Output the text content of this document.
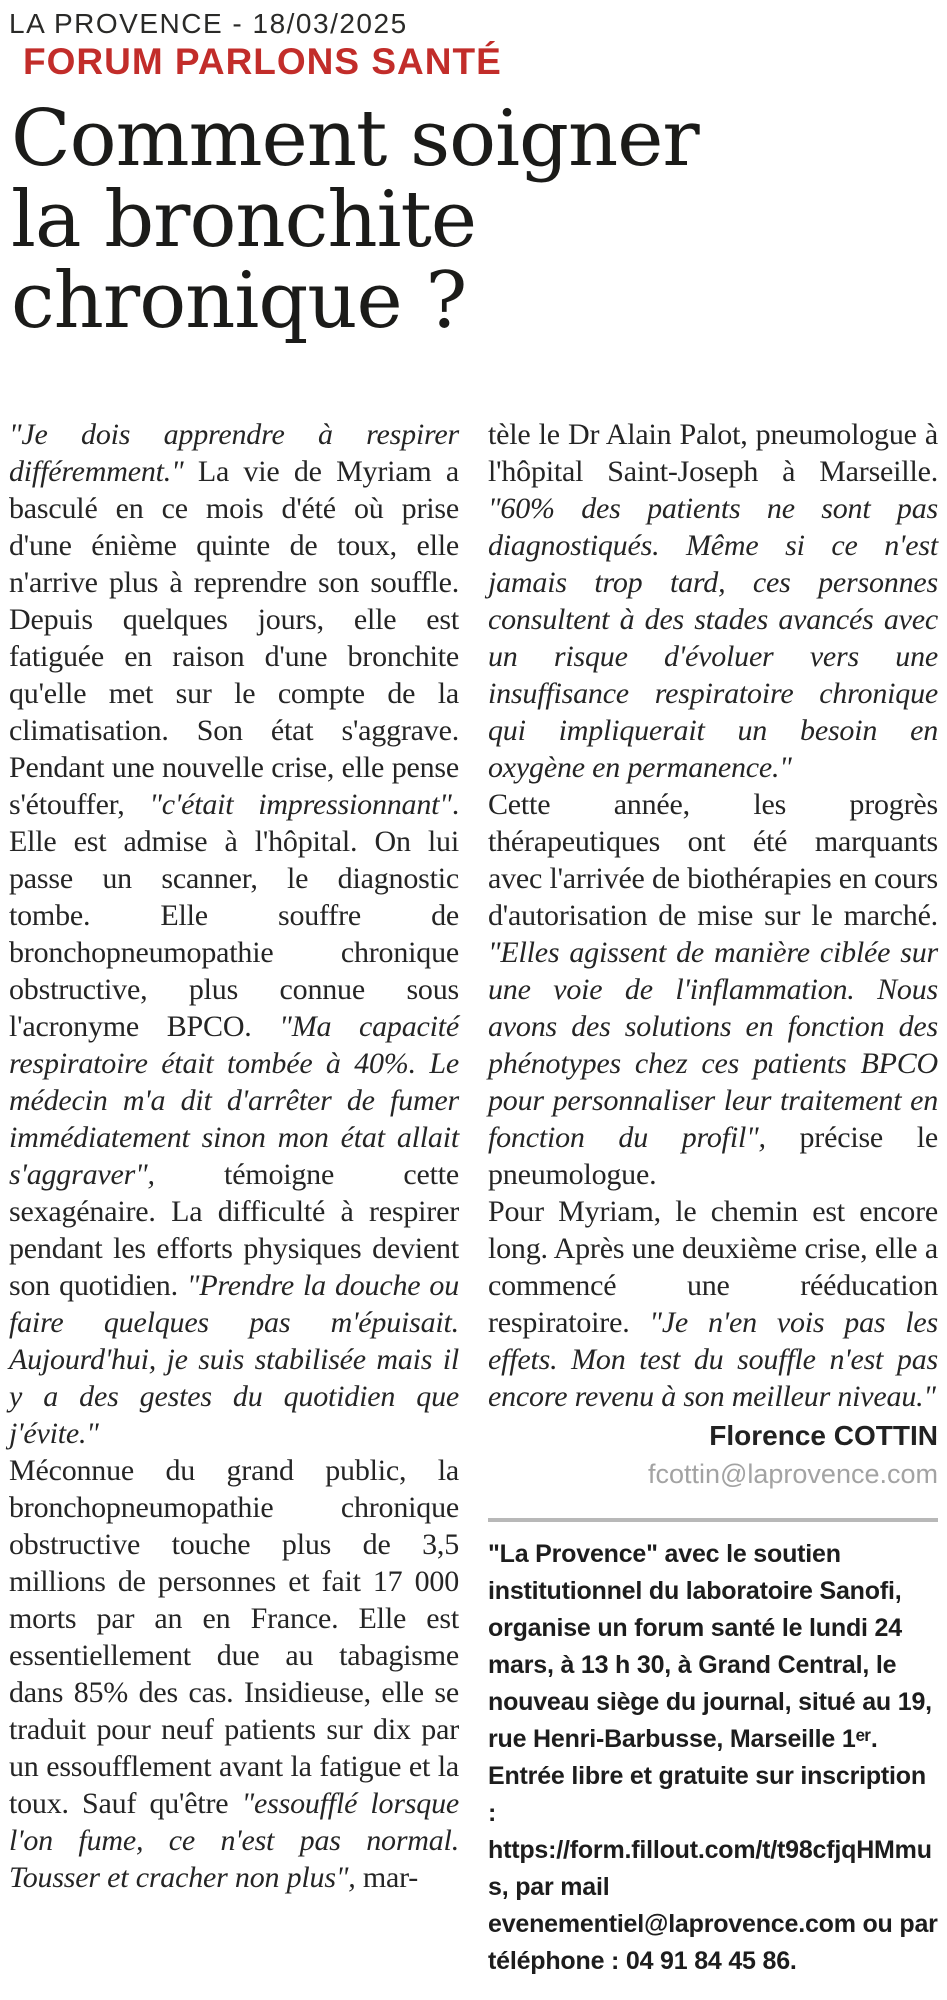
LA PROVENCE - 18/03/2025
FORUM PARLONS SANTÉ
Comment soigner la bronchite chronique ?

"Je dois apprendre à respirer différemment." La vie de Myriam a basculé en ce mois d'été où prise d'une énième quinte de toux, elle n'arrive plus à reprendre son souffle. Depuis quelques jours, elle est fatiguée en raison d'une bronchite qu'elle met sur le compte de la climatisation. Son état s'aggrave. Pendant une nouvelle crise, elle pense s'étouffer, "c'était impressionnant". Elle est admise à l'hôpital. On lui passe un scanner, le diagnostic tombe. Elle souffre de bronchopneumopathie chronique obstructive, plus connue sous l'acronyme BPCO. "Ma capacité respiratoire était tombée à 40%. Le médecin m'a dit d'arrêter de fumer immédiatement sinon mon état allait s'aggraver", témoigne cette sexagénaire. La difficulté à respirer pendant les efforts physiques devient son quotidien. "Prendre la douche ou faire quelques pas m'épuisait. Aujourd'hui, je suis stabilisée mais il y a des gestes du quotidien que j'évite."

Méconnue du grand public, la bronchopneumopathie chronique obstructive touche plus de 3,5 millions de personnes et fait 17 000 morts par an en France. Elle est essentiellement due au tabagisme dans 85% des cas. Insidieuse, elle se traduit pour neuf patients sur dix par un essoufflement avant la fatigue et la toux. Sauf qu'être "essoufflé lorsque l'on fume, ce n'est pas normal. Tousser et cracher non plus", mar-

tèle le Dr Alain Palot, pneumologue à l'hôpital Saint-Joseph à Marseille. "60% des patients ne sont pas diagnostiqués. Même si ce n'est jamais trop tard, ces personnes consultent à des stades avancés avec un risque d'évoluer vers une insuffisance respiratoire chronique qui impliquerait un besoin en oxygène en permanence."

Cette année, les progrès thérapeutiques ont été marquants avec l'arrivée de biothérapies en cours d'autorisation de mise sur le marché. "Elles agissent de manière ciblée sur une voie de l'inflammation. Nous avons des solutions en fonction des phénotypes chez ces patients BPCO pour personnaliser leur traitement en fonction du profil", précise le pneumologue.

Pour Myriam, le chemin est encore long. Après une deuxième crise, elle a commencé une rééducation respiratoire. "Je n'en vois pas les effets. Mon test du souffle n'est pas encore revenu à son meilleur niveau."

Florence COTTIN
fcottin@laprovence.com
"La Provence" avec le soutien institutionnel du laboratoire Sanofi, organise un forum santé le lundi 24 mars, à 13 h 30, à Grand Central, le nouveau siège du journal, situé au 19, rue Henri-Barbusse, Marseille 1ᵉʳ. Entrée libre et gratuite sur inscription : https://form.fillout.com/t/t98cfjqHMmus, par mail evenementiel@laprovence.com ou par téléphone : 04 91 84 45 86.
